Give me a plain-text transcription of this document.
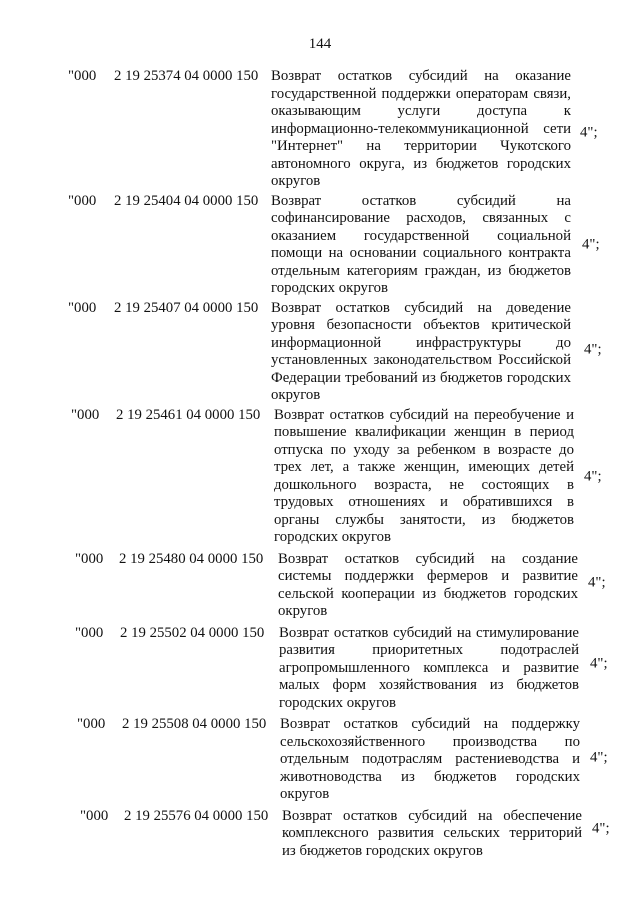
144
"000 2 19 25374 04 0000 150 Возврат остатков субсидий на оказание государственной поддержки операторам связи, оказывающим услуги доступа к информационно-телекоммуникационной сети "Интернет" на территории Чукотского автономного округа, из бюджетов городских округов
4";
"000 2 19 25404 04 0000 150 Возврат остатков субсидий на софинансирование расходов, связанных с оказанием государственной социальной помощи на основании социального контракта отдельным категориям граждан, из бюджетов городских округов
4";
"000 2 19 25407 04 0000 150 Возврат остатков субсидий на доведение уровня безопасности объектов критической информационной инфраструктуры до установленных законодательством Российской Федерации требований из бюджетов городских округов
4";
"000 2 19 25461 04 0000 150 Возврат остатков субсидий на переобучение и повышение квалификации женщин в период отпуска по уходу за ребенком в возрасте до трех лет, а также женщин, имеющих детей дошкольного возраста, не состоящих в трудовых отношениях и обратившихся в органы службы занятости, из бюджетов городских округов
4";
"000 2 19 25480 04 0000 150 Возврат остатков субсидий на создание системы поддержки фермеров и развитие сельской кооперации из бюджетов городских округов
4";
"000 2 19 25502 04 0000 150 Возврат остатков субсидий на стимулирование развития приоритетных подотраслей агропромышленного комплекса и развитие малых форм хозяйствования из бюджетов городских округов
4";
"000 2 19 25508 04 0000 150 Возврат остатков субсидий на поддержку сельскохозяйственного производства по отдельным подотраслям растениеводства и животноводства из бюджетов городских округов
4";
"000 2 19 25576 04 0000 150 Возврат остатков субсидий на обеспечение комплексного развития сельских территорий из бюджетов городских округов
4";
